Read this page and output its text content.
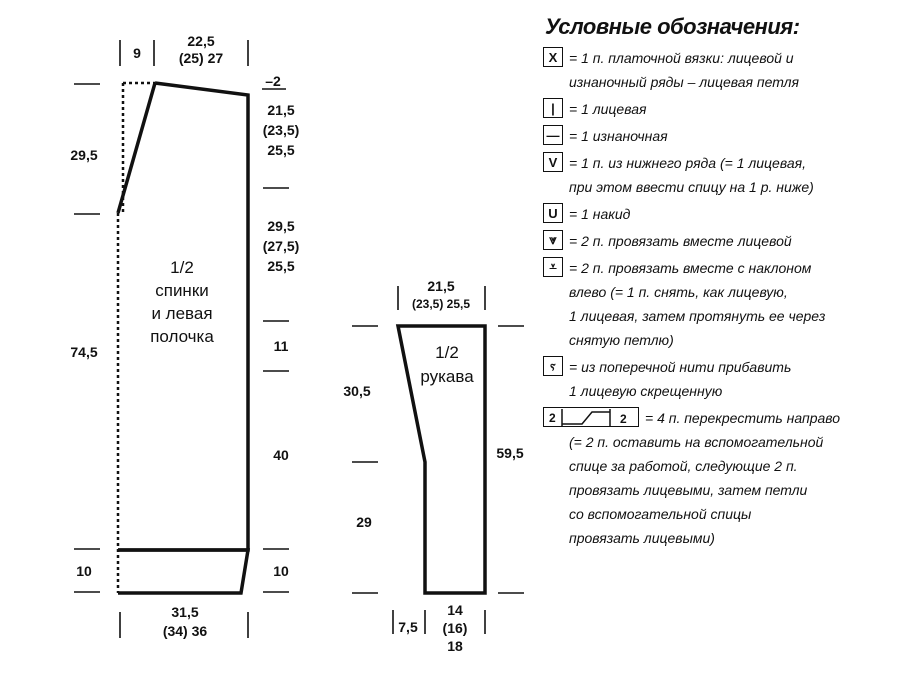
1/2
спинки
и левая
полочка
9
22,5
(25) 27
–2
21,5
(23,5)
25,5
29,5
(27,5)
25,5
11
40
10
29,5
74,5
10
31,5
(34) 36
1/2
рукава
21,5
(23,5) 25,5
30,5
29
59,5
7,5
14
(16)
18
Условные обозначения:
X = 1 п. платочной вязки: лицевой и
изнаночный ряды – лицевая петля
|	= 1 лицевая
— = 1 изнаночная
V = 1 п. из нижнего ряда (= 1 лицевая,
при этом ввести спицу на 1 р. ниже)
U = 1 накид
⩔ = 2 п. провязать вместе лицевой
⩡ = 2 п. провязать вместе с наклоном
влево (= 1 п. снять, как лицевую,
1 лицевая, затем протянуть ее через
снятую петлю)
ⲋ = из поперечной нити прибавить
1 лицевую скрещенную
2	2 = 4 п. перекрестить направо
(= 2 п. оставить на вспомогательной
спице за работой, следующие 2 п.
провязать лицевыми, затем петли
со вспомогательной спицы
провязать лицевыми)
